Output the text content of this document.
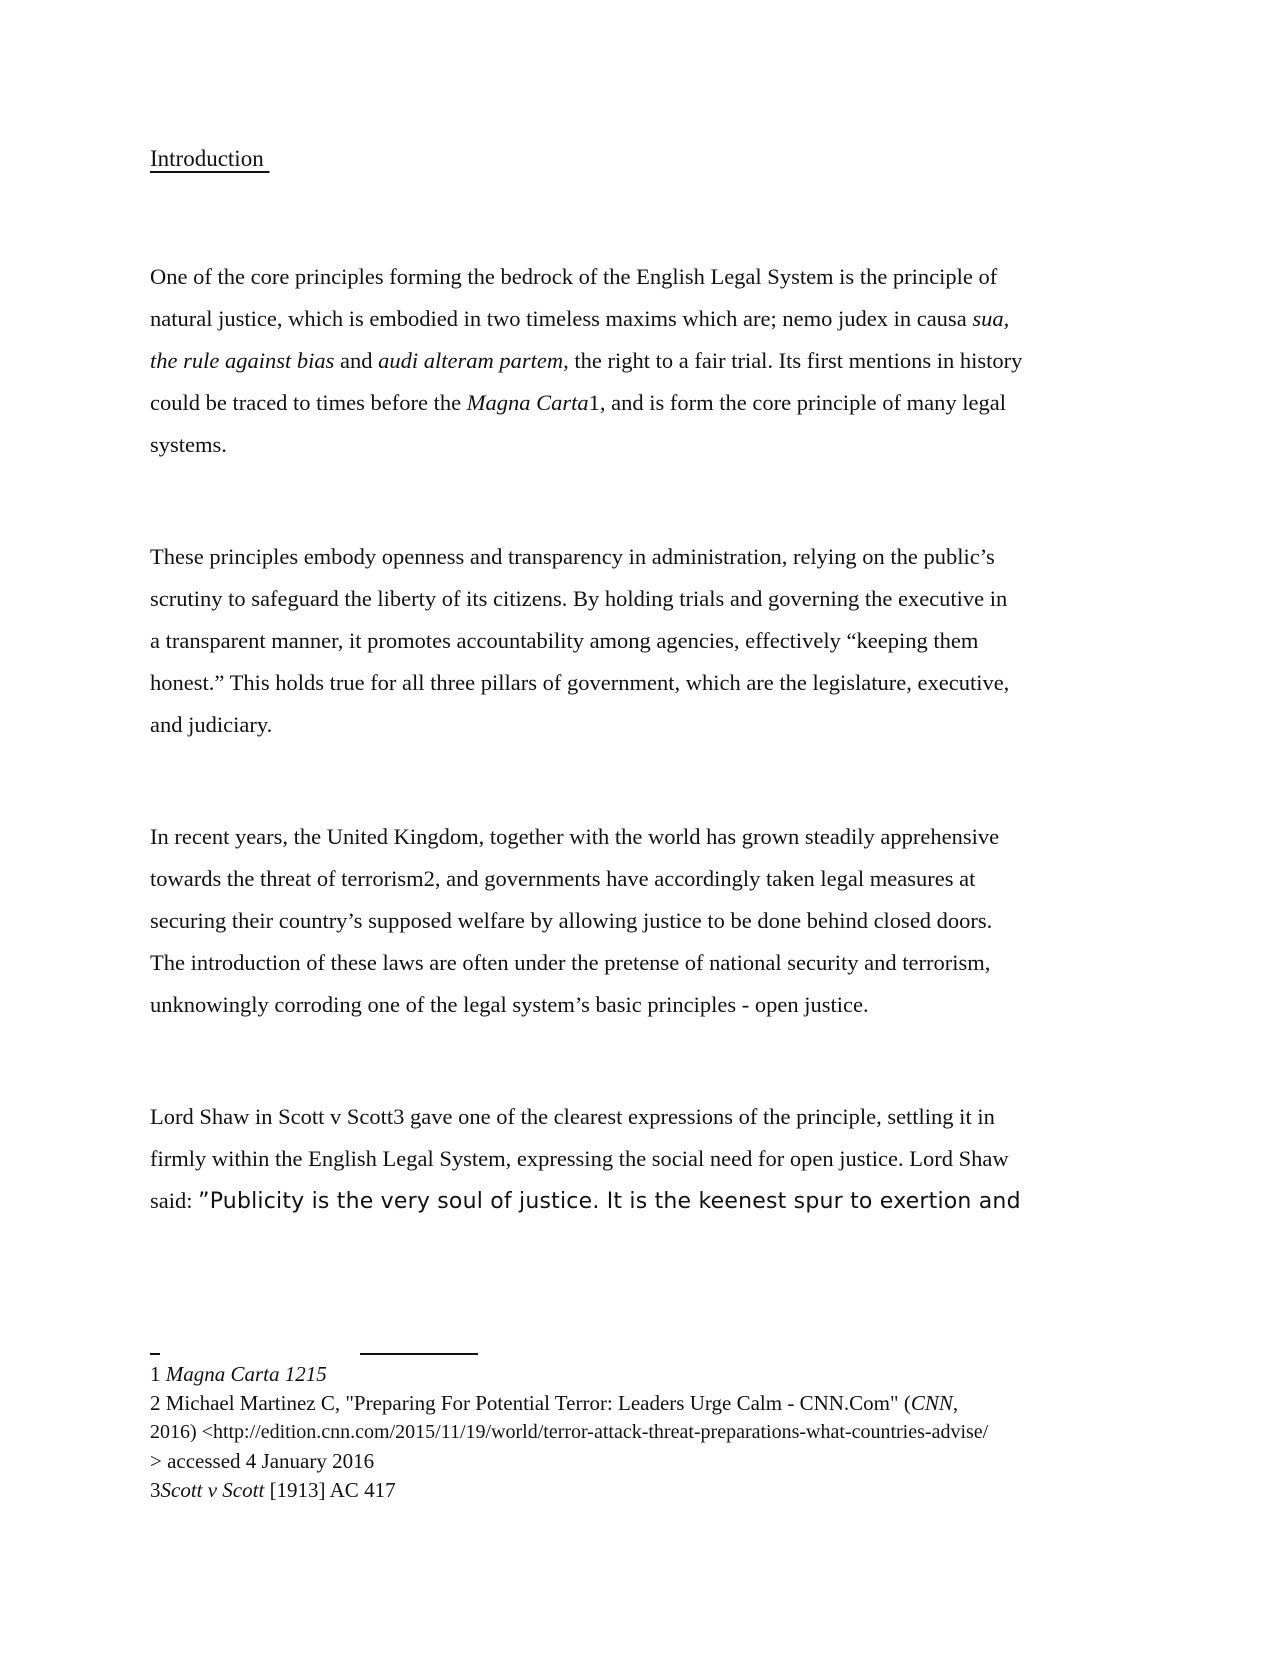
Introduction

One of the core principles forming the bedrock of the English Legal System is the principle of
natural justice, which is embodied in two timeless maxims which are; nemo judex in causa sua,
the rule against bias and audi alteram partem, the right to a fair trial. Its first mentions in history
could be traced to times before the Magna Carta1, and is form the core principle of many legal
systems.

These principles embody openness and transparency in administration, relying on the public’s
scrutiny to safeguard the liberty of its citizens. By holding trials and governing the executive in
a transparent manner, it promotes accountability among agencies, effectively “keeping them
honest.” This holds true for all three pillars of government, which are the legislature, executive,
and judiciary.

In recent years, the United Kingdom, together with the world has grown steadily apprehensive
towards the threat of terrorism2, and governments have accordingly taken legal measures at
securing their country’s supposed welfare by allowing justice to be done behind closed doors.
The introduction of these laws are often under the pretense of national security and terrorism,
unknowingly corroding one of the legal system’s basic principles - open justice.

Lord Shaw in Scott v Scott3 gave one of the clearest expressions of the principle, settling it in
firmly within the English Legal System, expressing the social need for open justice. Lord Shaw
said: ”Publicity is the very soul of justice. It is the keenest spur to exertion and

1 Magna Carta 1215
2 Michael Martinez C, "Preparing For Potential Terror: Leaders Urge Calm - CNN.Com" (CNN,
2016) <http://edition.cnn.com/2015/11/19/world/terror-attack-threat-preparations-what-countries-advise/
> accessed 4 January 2016
3Scott v Scott [1913] AC 417
